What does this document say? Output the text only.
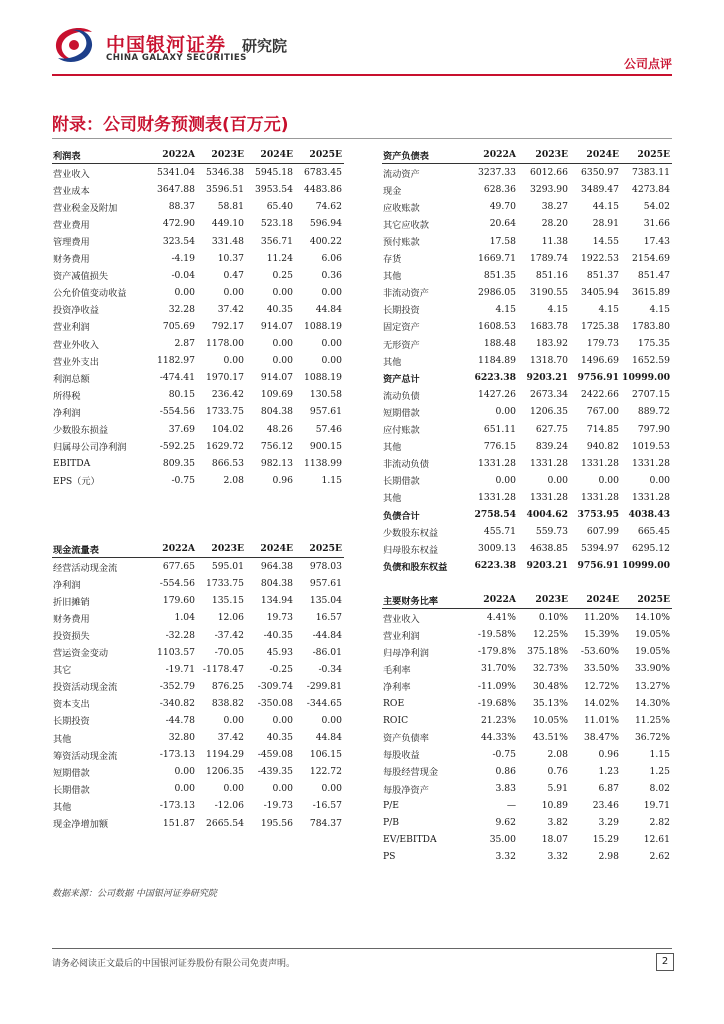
中国银河证券
CHINA GALAXY SECURITIES
研究院
公司点评
附录：公司财务预测表(百万元)
利润表	2022A	2023E	2024E	2025E
营业收入	5341.04	5346.38	5945.18	6783.45
营业成本	3647.88	3596.51	3953.54	4483.86
营业税金及附加	88.37	58.81	65.40	74.62
营业费用	472.90	449.10	523.18	596.94
管理费用	323.54	331.48	356.71	400.22
财务费用	-4.19	10.37	11.24	6.06
资产减值损失	-0.04	0.47	0.25	0.36
公允价值变动收益	0.00	0.00	0.00	0.00
投资净收益	32.28	37.42	40.35	44.84
营业利润	705.69	792.17	914.07	1088.19
营业外收入	2.87	1178.00	0.00	0.00
营业外支出	1182.97	0.00	0.00	0.00
利润总额	-474.41	1970.17	914.07	1088.19
所得税	80.15	236.42	109.69	130.58
净利润	-554.56	1733.75	804.38	957.61
少数股东损益	37.69	104.02	48.26	57.46
归属母公司净利润	-592.25	1629.72	756.12	900.15
EBITDA	809.35	866.53	982.13	1138.99
EPS（元）	-0.75	2.08	0.96	1.15
现金流量表	2022A	2023E	2024E	2025E
经营活动现金流	677.65	595.01	964.38	978.03
净利润	-554.56	1733.75	804.38	957.61
折旧摊销	179.60	135.15	134.94	135.04
财务费用	1.04	12.06	19.73	16.57
投资损失	-32.28	-37.42	-40.35	-44.84
营运资金变动	1103.57	-70.05	45.93	-86.01
其它	-19.71	-1178.47	-0.25	-0.34
投资活动现金流	-352.79	876.25	-309.74	-299.81
资本支出	-340.82	838.82	-350.08	-344.65
长期投资	-44.78	0.00	0.00	0.00
其他	32.80	37.42	40.35	44.84
筹资活动现金流	-173.13	1194.29	-459.08	106.15
短期借款	0.00	1206.35	-439.35	122.72
长期借款	0.00	0.00	0.00	0.00
其他	-173.13	-12.06	-19.73	-16.57
现金净增加额	151.87	2665.54	195.56	784.37
资产负债表	2022A	2023E	2024E	2025E
流动资产	3237.33	6012.66	6350.97	7383.11
现金	628.36	3293.90	3489.47	4273.84
应收账款	49.70	38.27	44.15	54.02
其它应收款	20.64	28.20	28.91	31.66
预付账款	17.58	11.38	14.55	17.43
存货	1669.71	1789.74	1922.53	2154.69
其他	851.35	851.16	851.37	851.47
非流动资产	2986.05	3190.55	3405.94	3615.89
长期投资	4.15	4.15	4.15	4.15
固定资产	1608.53	1683.78	1725.38	1783.80
无形资产	188.48	183.92	179.73	175.35
其他	1184.89	1318.70	1496.69	1652.59
资产总计	6223.38	9203.21	9756.91	10999.00
流动负债	1427.26	2673.34	2422.66	2707.15
短期借款	0.00	1206.35	767.00	889.72
应付账款	651.11	627.75	714.85	797.90
其他	776.15	839.24	940.82	1019.53
非流动负债	1331.28	1331.28	1331.28	1331.28
长期借款	0.00	0.00	0.00	0.00
其他	1331.28	1331.28	1331.28	1331.28
负债合计	2758.54	4004.62	3753.95	4038.43
少数股东权益	455.71	559.73	607.99	665.45
归母股东权益	3009.13	4638.85	5394.97	6295.12
负债和股东权益	6223.38	9203.21	9756.91	10999.00
主要财务比率	2022A	2023E	2024E	2025E
营业收入	4.41%	0.10%	11.20%	14.10%
营业利润	-19.58%	12.25%	15.39%	19.05%
归母净利润	-179.8%	375.18%	-53.60%	19.05%
毛利率	31.70%	32.73%	33.50%	33.90%
净利率	-11.09%	30.48%	12.72%	13.27%
ROE	-19.68%	35.13%	14.02%	14.30%
ROIC	21.23%	10.05%	11.01%	11.25%
资产负债率	44.33%	43.51%	38.47%	36.72%
每股收益	-0.75	2.08	0.96	1.15
每股经营现金	0.86	0.76	1.23	1.25
每股净资产	3.83	5.91	6.87	8.02
P/E	—	10.89	23.46	19.71
P/B	9.62	3.82	3.29	2.82
EV/EBITDA	35.00	18.07	15.29	12.61
PS	3.32	3.32	2.98	2.62
数据来源：公司数据 中国银河证券研究院
请务必阅读正文最后的中国银河证券股份有限公司免责声明。	2
